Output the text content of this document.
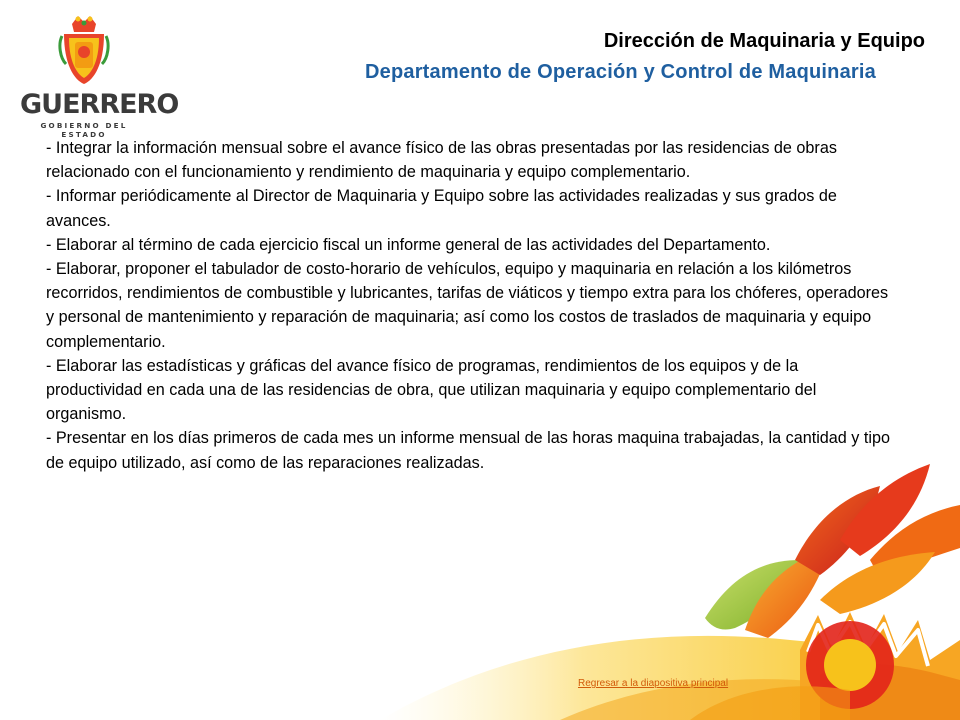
GUERRERO
GOBIERNO DEL ESTADO
Dirección de Maquinaria y Equipo
Departamento de Operación y Control de Maquinaria

- Integrar la información mensual sobre el avance físico de las obras presentadas por las residencias de obras relacionado con el funcionamiento y rendimiento de maquinaria y equipo complementario.

- Informar periódicamente al Director de Maquinaria y Equipo sobre las actividades realizadas y sus grados de avances.

- Elaborar al término de cada ejercicio fiscal un informe general de las actividades del Departamento.

- Elaborar, proponer el tabulador de costo-horario de vehículos, equipo y maquinaria en relación a los kilómetros recorridos, rendimientos de combustible y lubricantes, tarifas de viáticos y tiempo extra para los chóferes, operadores y personal de mantenimiento y reparación de maquinaria; así como los costos de traslados de maquinaria y equipo complementario.

- Elaborar las estadísticas y gráficas del avance físico de programas, rendimientos de los equipos y de la productividad en cada una de las residencias de obra, que utilizan maquinaria y equipo complementario del organismo.

- Presentar en los días primeros de cada mes un informe mensual de las horas maquina trabajadas, la cantidad y tipo de equipo utilizado, así como de las reparaciones realizadas.

Regresar a la diapositiva principal
